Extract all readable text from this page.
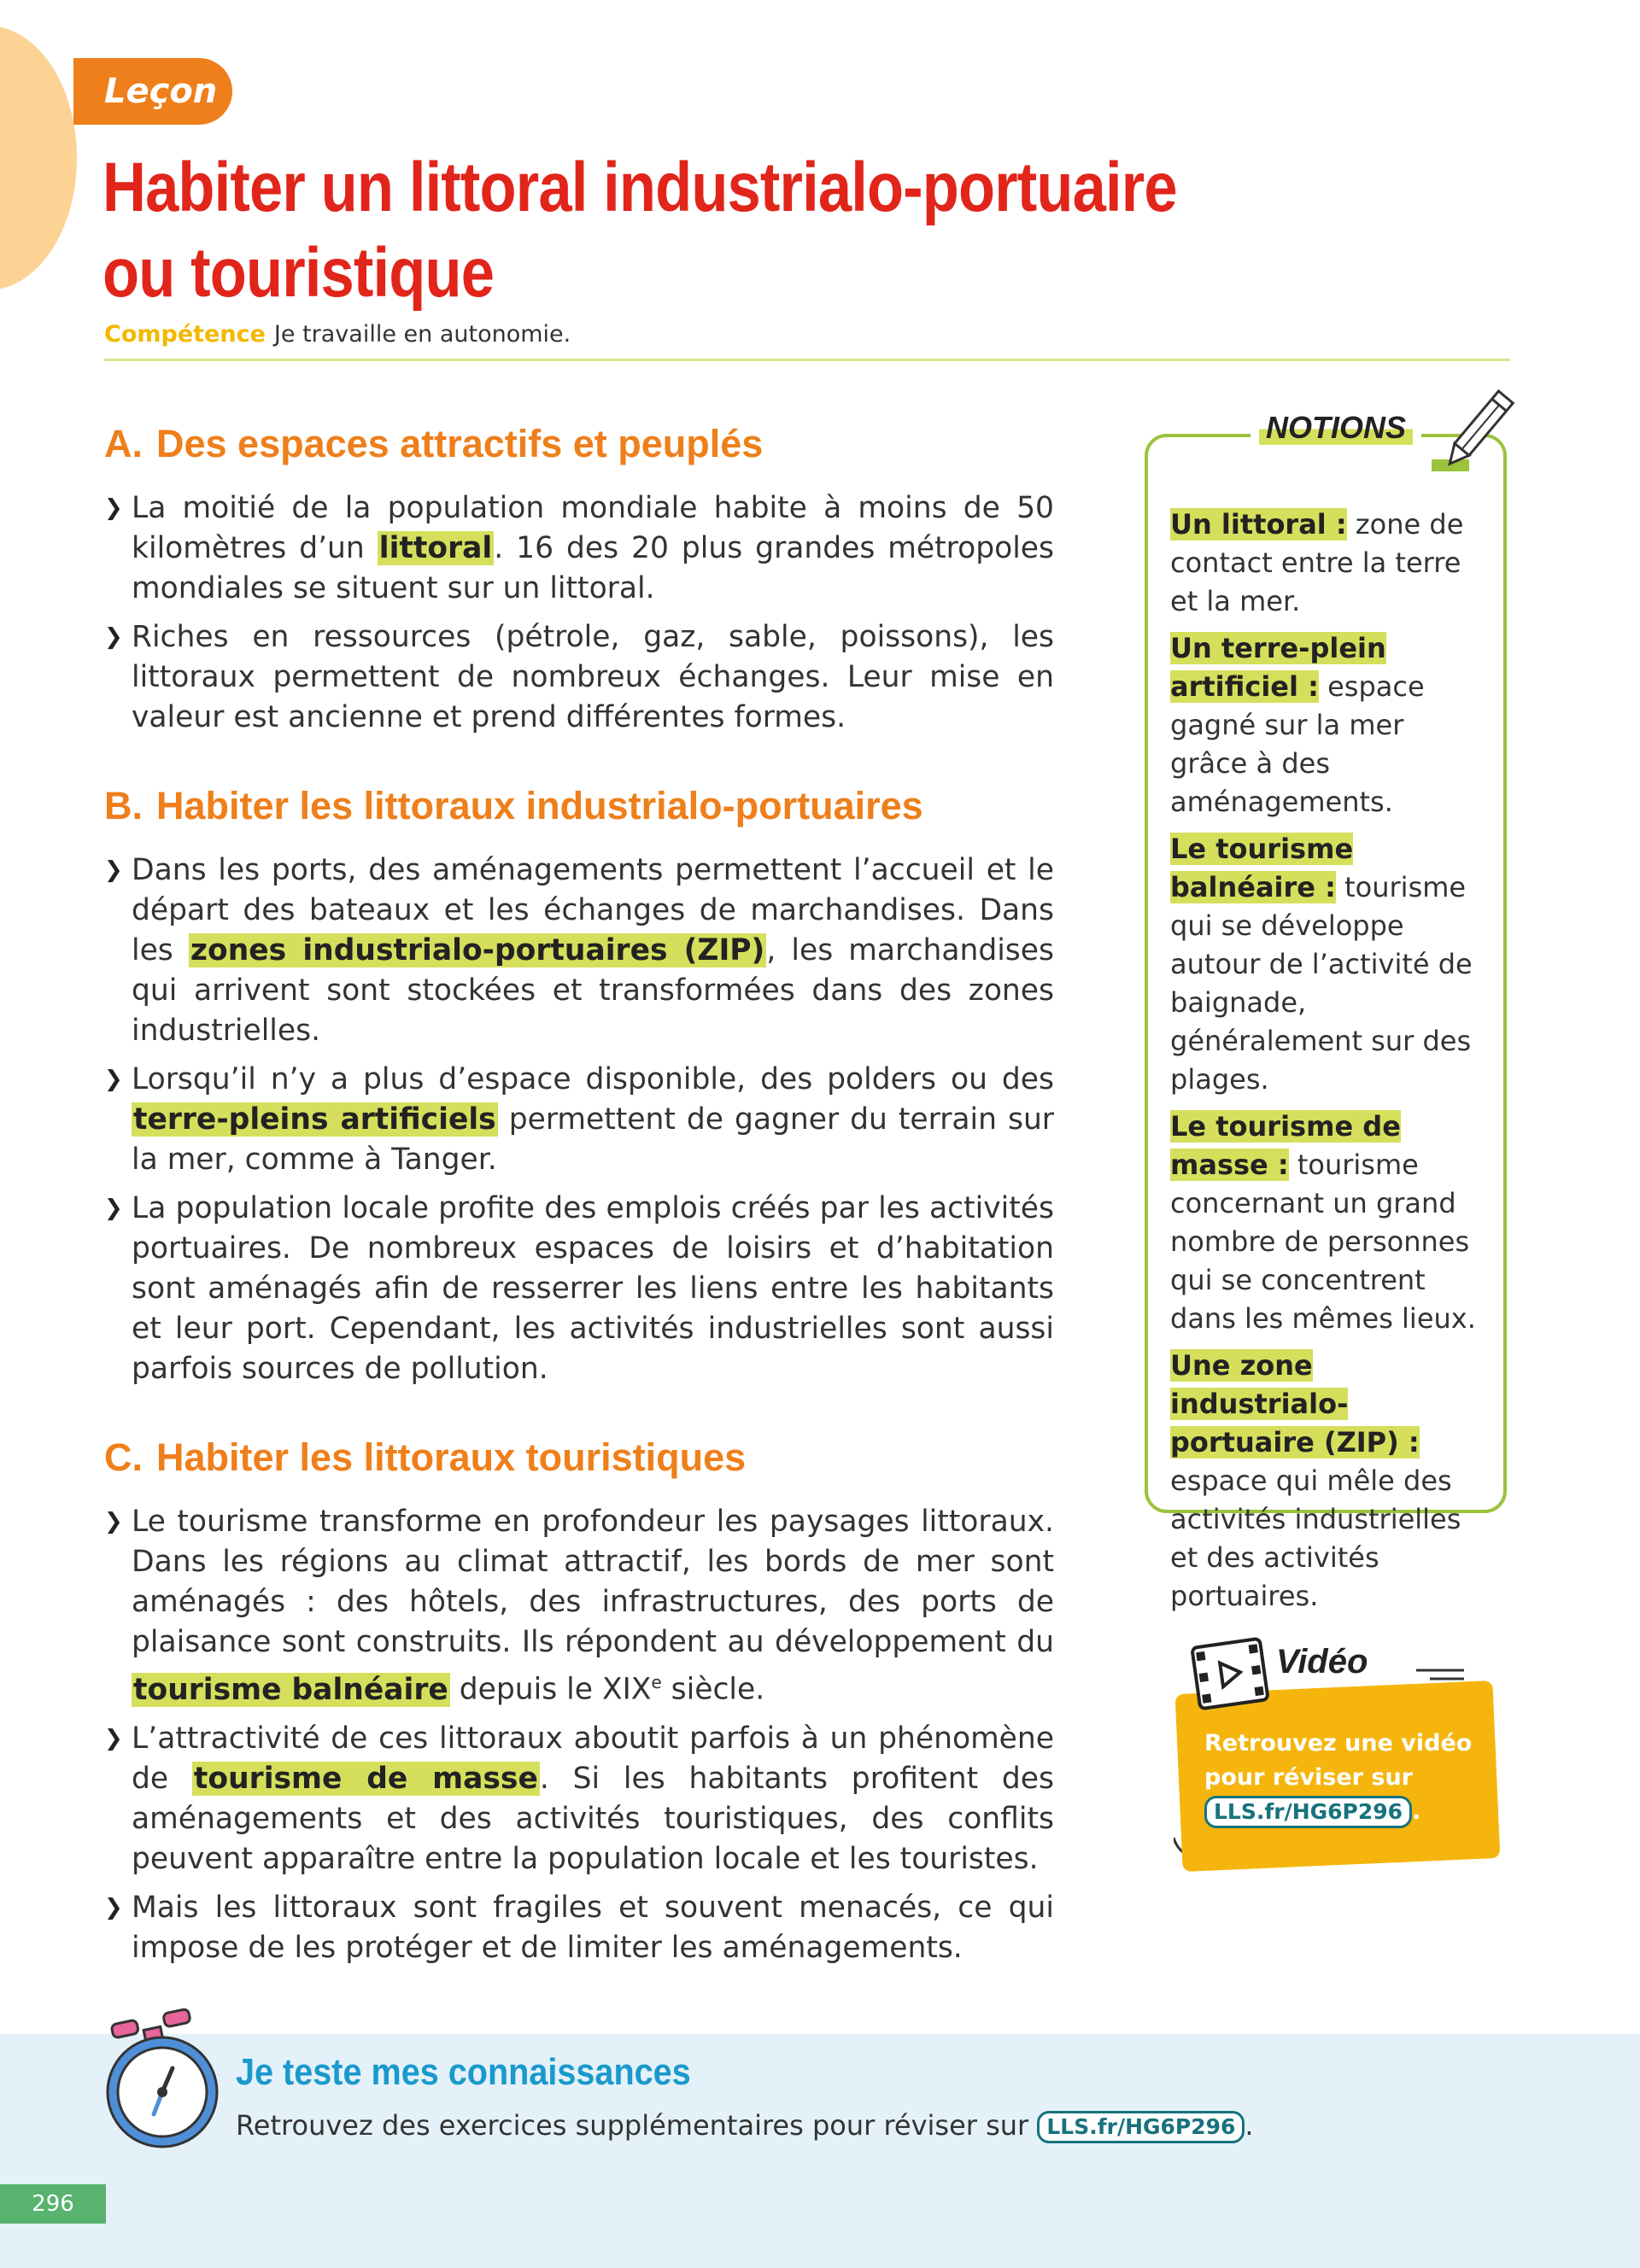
Leçon
Habiter un littoral industrialo-portuaire
ou touristique
Compétence Je travaille en autonomie.
A. Des espaces attractifs et peuplés
❯ La moitié de la population mondiale habite à moins de 50 kilomètres d’un littoral. 16 des 20 plus grandes métropoles mondiales se situent sur un littoral.
❯ Riches en ressources (pétrole, gaz, sable, poissons), les littoraux permettent de nombreux échanges. Leur mise en valeur est ancienne et prend différentes formes.
B. Habiter les littoraux industrialo-portuaires
❯ Dans les ports, des aménagements permettent l’accueil et le départ des bateaux et les échanges de marchandises. Dans les zones industrialo-portuaires (ZIP), les marchandises qui arrivent sont stockées et transformées dans des zones industrielles.
❯ Lorsqu’il n’y a plus d’espace disponible, des polders ou des terre-pleins artificiels permettent de gagner du terrain sur la mer, comme à Tanger.
❯ La population locale profite des emplois créés par les activités portuaires. De nombreux espaces de loisirs et d’habitation sont aménagés afin de resserrer les liens entre les habitants et leur port. Cependant, les activités industrielles sont aussi parfois sources de pollution.
C. Habiter les littoraux touristiques
❯ Le tourisme transforme en profondeur les paysages littoraux. Dans les régions au climat attractif, les bords de mer sont aménagés : des hôtels, des infrastructures, des ports de plaisance sont construits. Ils répondent au développement du tourisme balnéaire depuis le XIXe siècle.
❯ L’attractivité de ces littoraux aboutit parfois à un phénomène de tourisme de masse. Si les habitants profitent des aménagements et des activités touristiques, des conflits peuvent apparaître entre la population locale et les touristes.
❯ Mais les littoraux sont fragiles et souvent menacés, ce qui impose de les protéger et de limiter les aménagements.
NOTIONS
Un littoral : zone de contact entre la terre et la mer.
Un terre-plein artificiel : espace gagné sur la mer grâce à des aménagements.
Le tourisme balnéaire : tourisme qui se développe autour de l’activité de baignade, généralement sur des plages.
Le tourisme de masse : tourisme concernant un grand nombre de personnes qui se concentrent dans les mêmes lieux.
Une zone industrialo-portuaire (ZIP) : espace qui mêle des activités industrielles et des activités portuaires.
Vidéo
Retrouvez une vidéo pour réviser sur
LLS.fr/HG6P296 .
Je teste mes connaissances
Retrouvez des exercices supplémentaires pour réviser sur LLS.fr/HG6P296 .
296
